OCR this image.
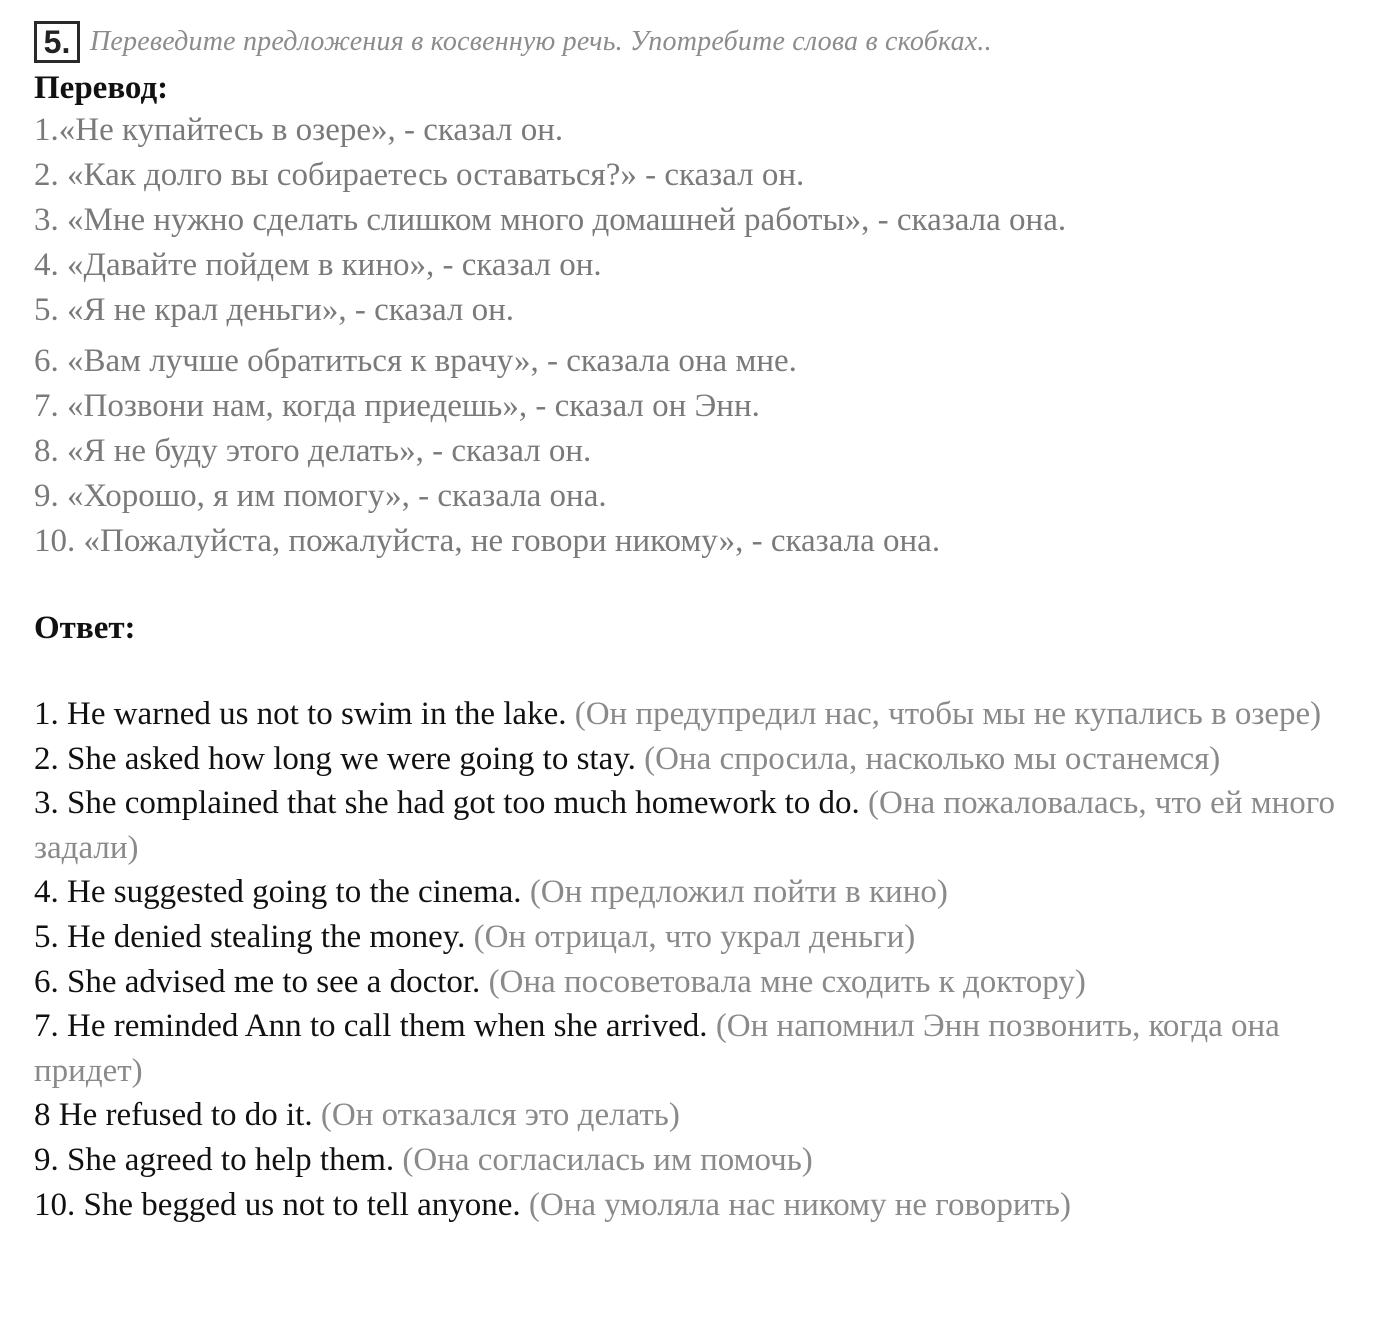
5. Переведите предложения в косвенную речь. Употребите слова в скобках..
Перевод:
1.«Не купайтесь в озере», - сказал он.
2. «Как долго вы собираетесь оставаться?» - сказал он.
3. «Мне нужно сделать слишком много домашней работы», - сказала она.
4. «Давайте пойдем в кино», - сказал он.
5. «Я не крал деньги», - сказал он.
6. «Вам лучше обратиться к врачу», - сказала она мне.
7. «Позвони нам, когда приедешь», - сказал он Энн.
8. «Я не буду этого делать», - сказал он.
9. «Хорошо, я им помогу», - сказала она.
10. «Пожалуйста, пожалуйста, не говори никому», - сказала она.
Ответ:
1. He warned us not to swim in the lake. (Он предупредил нас, чтобы мы не купались в озере)
2. She asked how long we were going to stay. (Она спросила, насколько мы останемся)
3. She complained that she had got too much homework to do. (Она пожаловалась, что ей много задали)
4. He suggested going to the cinema. (Он предложил пойти в кино)
5. He denied stealing the money. (Он отрицал, что украл деньги)
6. She advised me to see a doctor. (Она посоветовала мне сходить к доктору)
7. He reminded Ann to call them when she arrived. (Он напомнил Энн позвонить, когда она придет)
8 He refused to do it. (Он отказался это делать)
9. She agreed to help them. (Она согласилась им помочь)
10. She begged us not to tell anyone. (Она умоляла нас никому не говорить)
